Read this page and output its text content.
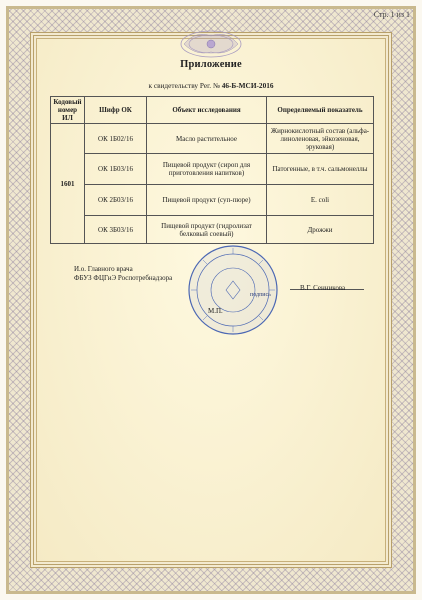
Стр. 1 из 1
Приложение
к свидетельству Рег. № 46-Б-МСИ-2016
Кодовый номер ИЛ	Шифр ОК	Объект исследования	Определяемый показатель
1601	ОК 1Б02/16	Масло растительное	Жирнокислотный состав (альфа-линоленовая, эйкозеновая, эруковая)
	ОК 1Б03/16	Пищевой продукт (сироп для приготовления напитков)	Патогенные, в т.ч. сальмонеллы
	ОК 2Б03/16	Пищевой продукт (суп-пюре)	E. coli
	ОК 3Б03/16	Пищевой продукт (гидролизат белковый соевый)	Дрожжи
И.о. Главного врача
ФБУЗ ФЦГиЭ Роспотребнадзора
подпись
М.П.
В.Г. Сенникова
